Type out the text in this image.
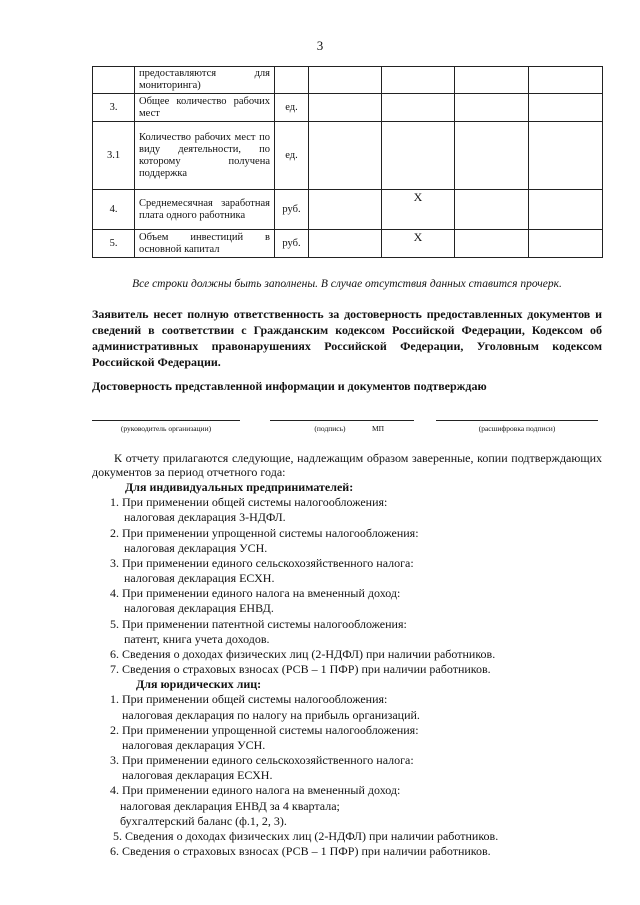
3
	предоставляются для мониторинга)					
3.	Общее количество рабочих мест	ед.				
3.1	Количество рабочих мест по виду деятельности, по которому получена поддержка	ед.				
4.	Среднемесячная заработная плата одного работника	руб.		X		
5.	Объем инвестиций в основной капитал	руб.		X		
Все строки должны быть заполнены. В случае отсутствия данных ставится прочерк.
Заявитель несет полную ответственность за достоверность предоставленных документов и сведений в соответствии с Гражданским кодексом Российской Федерации, Кодексом об административных правонарушениях Российской Федерации, Уголовным кодексом Российской Федерации.
Достоверность представленной информации и документов подтверждаю
(руководитель организации)	(подпись)	МП	(расшифровка подписи)
К отчету прилагаются следующие, надлежащим образом заверенные, копии подтверждающих документов за период отчетного года:
Для индивидуальных предпринимателей:
1. При применении общей системы налогообложения:
налоговая декларация 3-НДФЛ.
2. При применении упрощенной системы налогообложения:
налоговая декларация УСН.
3. При применении единого сельскохозяйственного налога:
налоговая декларация ЕСХН.
4. При применении единого налога на вмененный доход:
налоговая декларация ЕНВД.
5. При применении патентной системы налогообложения:
патент, книга учета доходов.
6. Сведения о доходах физических лиц (2-НДФЛ) при наличии работников.
7. Сведения о страховых взносах (РСВ – 1 ПФР) при наличии работников.
Для юридических лиц:
1. При применении общей системы налогообложения:
налоговая декларация по налогу на прибыль организаций.
2. При применении упрощенной системы налогообложения:
налоговая декларация УСН.
3. При применении единого сельскохозяйственного налога:
налоговая декларация ЕСХН.
4. При применении единого налога на вмененный доход:
налоговая декларация ЕНВД за 4 квартала;
бухгалтерский баланс (ф.1, 2, 3).
5. Сведения о доходах физических лиц (2-НДФЛ) при наличии работников.
6. Сведения о страховых взносах (РСВ – 1 ПФР) при наличии работников.
